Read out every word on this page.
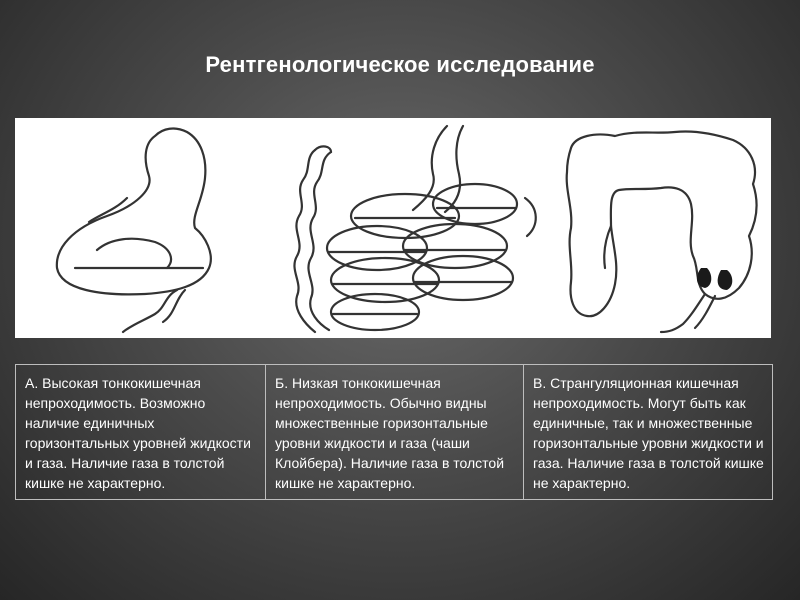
Рентгенологическое исследование
А. Высокая тонкокишечная непроходимость. Возможно наличие единичных горизонтальных уровней жидкости и газа. Наличие газа в толстой кишке не характерно.	Б. Низкая тонкокишечная непроходимость. Обычно видны множественные горизонтальные уровни жидкости и газа (чаши Клойбера). Наличие газа в толстой кишке не характерно.	В. Странгуляционная кишечная непроходимость. Могут быть как единичные, так и множественные горизонтальные уровни жидкости и газа. Наличие газа в толстой кишке не характерно.
